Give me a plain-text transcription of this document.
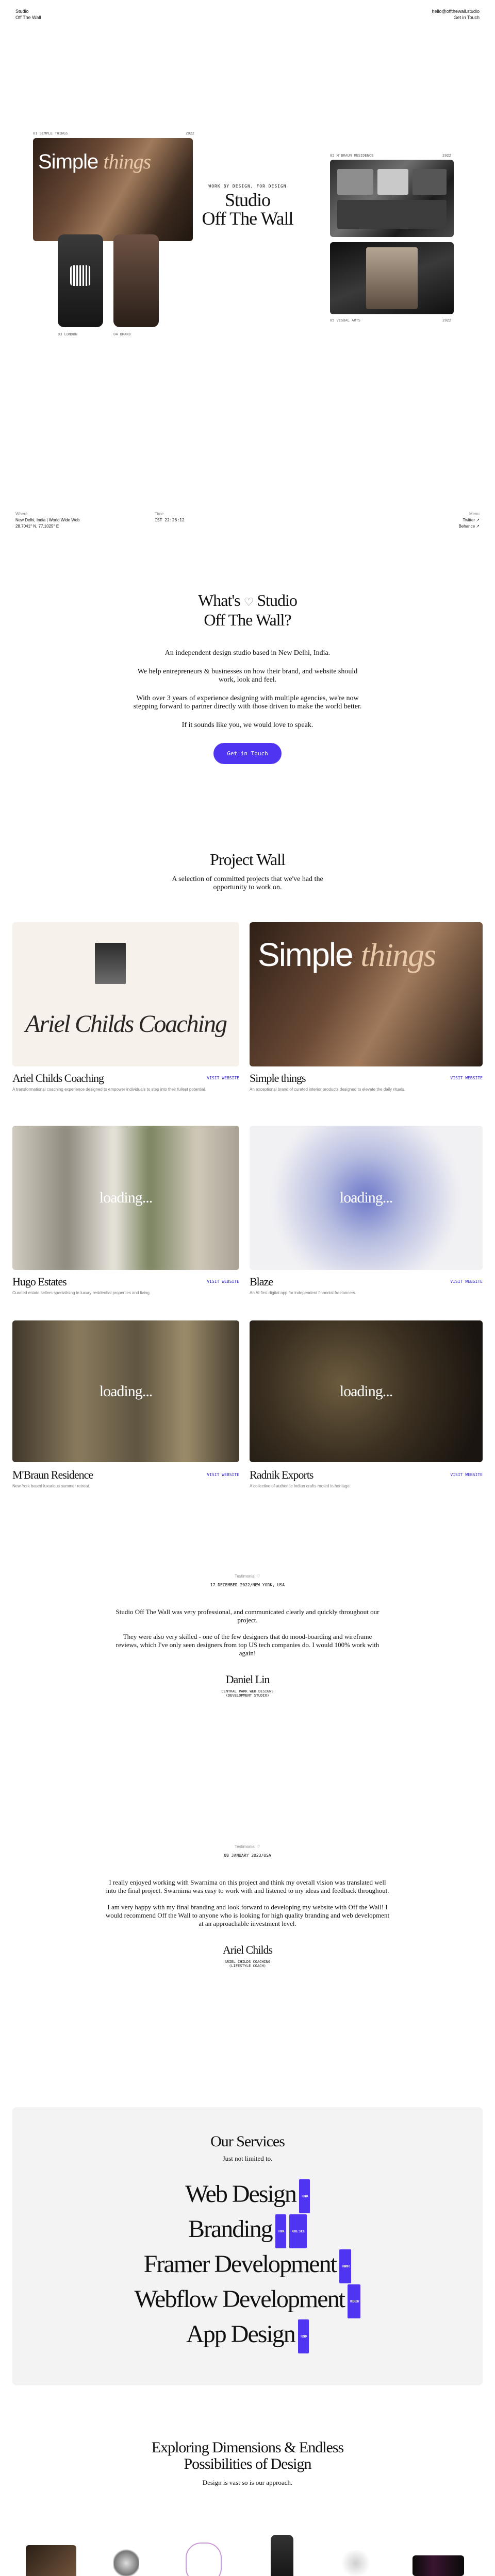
Studio
Off The Wall
hello@offthewall.studio
Get in Touch
01 SIMPLE THINGS	2022
Simple things
03 LONDON	04 BRAND
WORK BY DESIGN, FOR DESIGN
Studio
Off The Wall
02 M'BRAUN RESIDENCE	2022
05 VISUAL ARTS	2022
Where
New Delhi, India | World Wide Web
28.7041° N, 77.1025° E
Time
IST 22:26:12
Menu
Twitter ↗
Behance ↗
What's ♡ Studio
Off The Wall?

An independent design studio based in New Delhi, India.

We help entrepreneurs & businesses on how their brand, and website should work, look and feel.

With over 3 years of experience designing with multiple agencies, we're now stepping forward to partner directly with those driven to make the world better.

If it sounds like you, we would love to speak.

Get in Touch
Project Wall

A selection of committed projects that we've had the opportunity to work on.

Ariel Childs Coaching
Simple things
Ariel Childs Coaching	VISIT WEBSITE
A transformational coaching experience designed to empower individuals to step into their fullest potential.
Simple things	VISIT WEBSITE
An exceptional brand of curated interior products designed to elevate the daily rituals.
loading...	loading...
Hugo Estates	VISIT WEBSITE
Curated estate sellers specialising in luxury residential properties and living.
Blaze	VISIT WEBSITE
An AI-first digital app for independent financial freelancers.
loading...	loading...
M'Braun Residence	VISIT WEBSITE
New York based luxurious summer retreat.
Radnik Exports	VISIT WEBSITE
A collective of authentic Indian crafts rooted in heritage.
Testimonial ♡
17 DECEMBER 2022/NEW YORK, USA

Studio Off The Wall was very professional, and communicated clearly and quickly throughout our project.

They were also very skilled - one of the few designers that do mood-boarding and wireframe reviews, which I've only seen designers from top US tech companies do. I would 100% work with again!

Daniel Lin
CENTRAL PARK WEB DESIGNS
(DEVELOPMENT STUDIO)
Testimonial ♡
08 JANUARY 2023/USA

I really enjoyed working with Swarnima on this project and think my overall vision was translated well into the final project. Swarnima was easy to work with and listened to my ideas and feedback throughout.

I am very happy with my final branding and look forward to developing my website with Off the Wall! I would recommend Off the Wall to anyone who is looking for high quality branding and web development at an approachable investment level.

Ariel Childs
ARIEL CHILDS COACHING
(LIFESTYLE COACH)
Our Services
Just not limited to.
Web Design FIGMA
Branding FIGMA ADOBE SUITE
Framer Development FRAMER
Webflow Development WEBFLOW
App Design FIGMA
Exploring Dimensions & Endless
Possibilities of Design
Design is vast so is our approach.
